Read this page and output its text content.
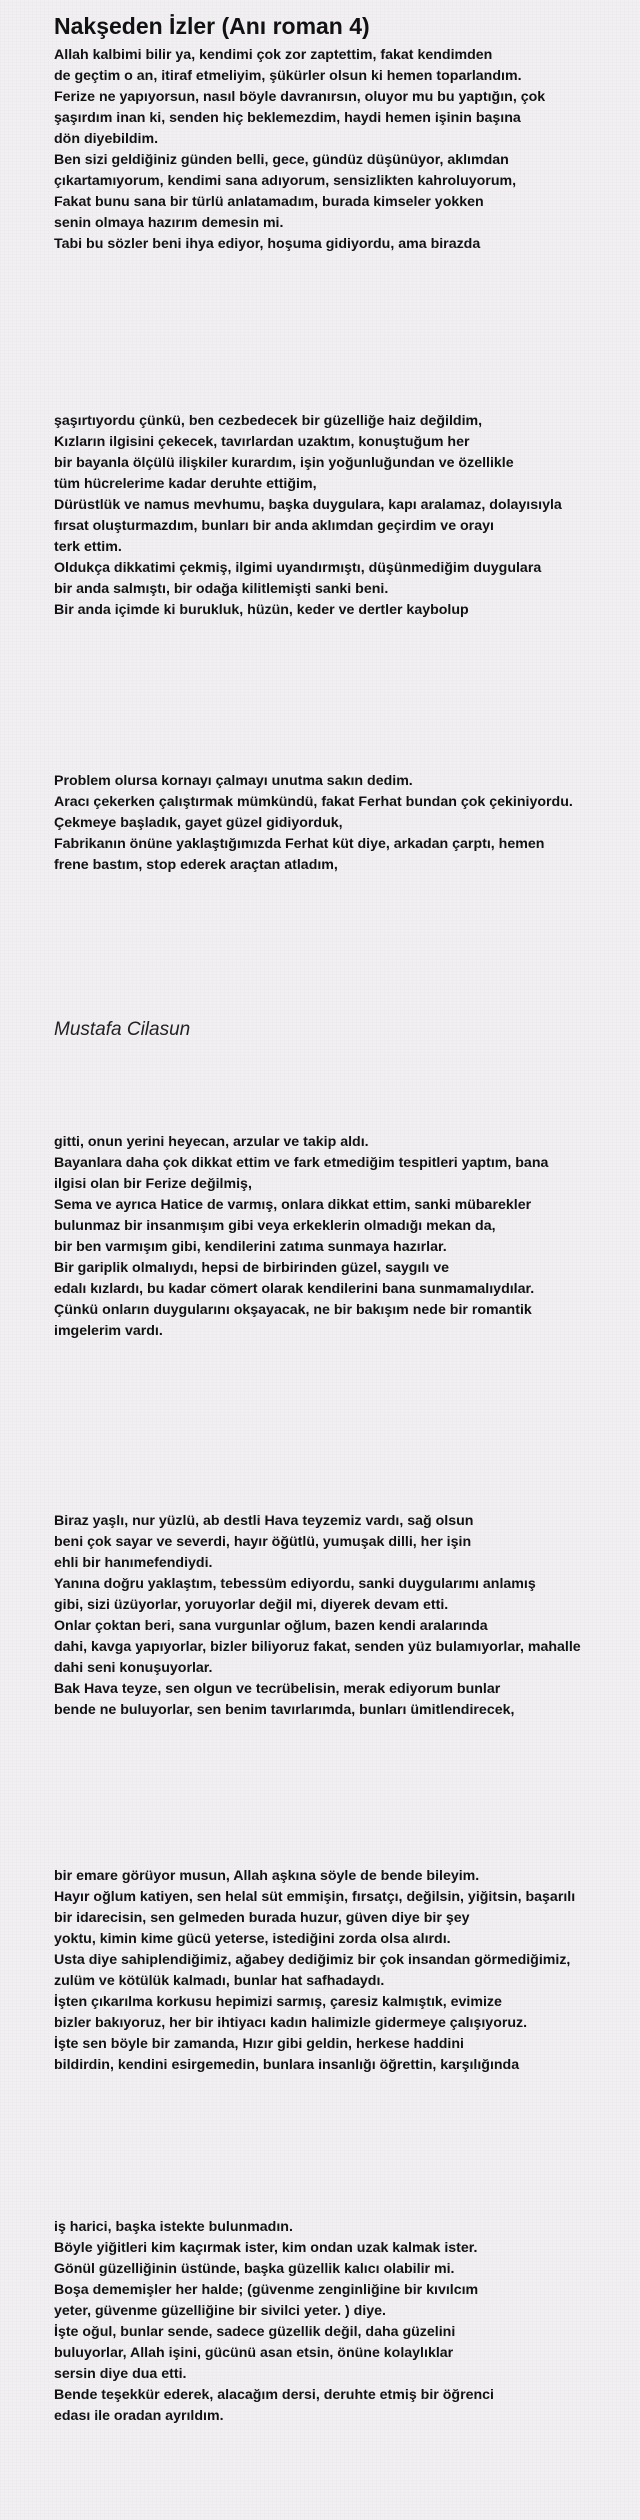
Nakşeden İzler (Anı roman 4)
Allah kalbimi bilir ya, kendimi çok zor zaptettim, fakat kendimden
de geçtim o an, itiraf etmeliyim, şükürler olsun ki hemen toparlandım.
Ferize ne yapıyorsun, nasıl böyle davranırsın, oluyor mu bu yaptığın, çok
şaşırdım inan ki, senden hiç beklemezdim, haydi hemen işinin başına
dön diyebildim.
Ben sizi geldiğiniz günden belli, gece, gündüz düşünüyor, aklımdan
çıkartamıyorum, kendimi sana adıyorum, sensizlikten kahroluyorum,
Fakat bunu sana bir türlü anlatamadım, burada kimseler yokken
senin olmaya hazırım demesin mi.
Tabi bu sözler beni ihya ediyor, hoşuma gidiyordu, ama birazda
şaşırtıyordu çünkü, ben cezbedecek bir güzelliğe haiz değildim,
Kızların ilgisini çekecek, tavırlardan uzaktım, konuştuğum her
bir bayanla ölçülü ilişkiler kurardım, işin yoğunluğundan ve özellikle
tüm hücrelerime kadar deruhte ettiğim,
Dürüstlük ve namus mevhumu, başka duygulara, kapı aralamaz, dolayısıyla
fırsat oluşturmazdım, bunları bir anda aklımdan geçirdim ve orayı
terk ettim.
Oldukça dikkatimi çekmiş, ilgimi uyandırmıştı, düşünmediğim duygulara
bir anda salmıştı, bir odağa kilitlemişti sanki beni.
Bir anda içimde ki burukluk, hüzün, keder ve dertler kaybolup
Problem olursa kornayı çalmayı unutma sakın dedim.
Aracı çekerken çalıştırmak mümkündü, fakat Ferhat bundan çok çekiniyordu.
Çekmeye başladık, gayet güzel gidiyorduk,
Fabrikanın önüne yaklaştığımızda Ferhat küt diye, arkadan çarptı, hemen
frene bastım, stop ederek araçtan atladım,
Mustafa Cilasun
gitti, onun yerini heyecan, arzular ve takip aldı.
Bayanlara daha çok dikkat ettim ve fark etmediğim tespitleri yaptım, bana
ilgisi olan bir Ferize değilmiş,
Sema ve ayrıca Hatice de varmış, onlara dikkat ettim, sanki mübarekler
bulunmaz bir insanmışım gibi veya erkeklerin olmadığı mekan da,
bir ben varmışım gibi, kendilerini zatıma sunmaya hazırlar.
Bir gariplik olmalıydı, hepsi de birbirinden güzel, saygılı ve
edalı kızlardı, bu kadar cömert olarak kendilerini bana sunmamalıydılar.
Çünkü onların duygularını okşayacak, ne bir bakışım nede bir romantik
imgelerim vardı.
Biraz yaşlı, nur yüzlü, ab destli Hava teyzemiz vardı, sağ olsun
beni çok sayar ve severdi, hayır öğütlü, yumuşak dilli, her işin
ehli bir hanımefendiydi.
Yanına doğru yaklaştım, tebessüm ediyordu, sanki duygularımı anlamış
gibi, sizi üzüyorlar, yoruyorlar değil mi, diyerek devam etti.
Onlar çoktan beri, sana vurgunlar oğlum, bazen kendi aralarında
dahi, kavga yapıyorlar, bizler biliyoruz fakat, senden yüz bulamıyorlar, mahalle
dahi seni konuşuyorlar.
Bak Hava teyze, sen olgun ve tecrübelisin, merak ediyorum bunlar
bende ne buluyorlar, sen benim tavırlarımda, bunları ümitlendirecek,
bir emare görüyor musun, Allah aşkına söyle de bende bileyim.
Hayır oğlum katiyen, sen helal süt emmişin, fırsatçı, değilsin, yiğitsin, başarılı
bir idarecisin, sen gelmeden burada huzur, güven diye bir şey
yoktu, kimin kime gücü yeterse, istediğini zorda olsa alırdı.
Usta diye sahiplendiğimiz, ağabey dediğimiz bir çok insandan görmediğimiz,
zulüm ve kötülük kalmadı, bunlar hat safhadaydı.
İşten çıkarılma korkusu hepimizi sarmış, çaresiz kalmıştık, evimize
bizler bakıyoruz, her bir ihtiyacı kadın halimizle gidermeye çalışıyoruz.
İşte sen böyle bir zamanda, Hızır gibi geldin, herkese haddini
bildirdin, kendini esirgemedin, bunlara insanlığı öğrettin, karşılığında
iş harici, başka istekte bulunmadın.
Böyle yiğitleri kim kaçırmak ister, kim ondan uzak kalmak ister.
Gönül güzelliğinin üstünde, başka güzellik kalıcı olabilir mi.
Boşa dememişler her halde; (güvenme zenginliğine bir kıvılcım
yeter, güvenme güzelliğine bir sivilci yeter. ) diye.
İşte oğul, bunlar sende, sadece güzellik değil, daha güzelini
buluyorlar, Allah işini, gücünü asan etsin, önüne kolaylıklar
sersin diye dua etti.
Bende teşekkür ederek, alacağım dersi, deruhte etmiş bir öğrenci
edası ile oradan ayrıldım.
